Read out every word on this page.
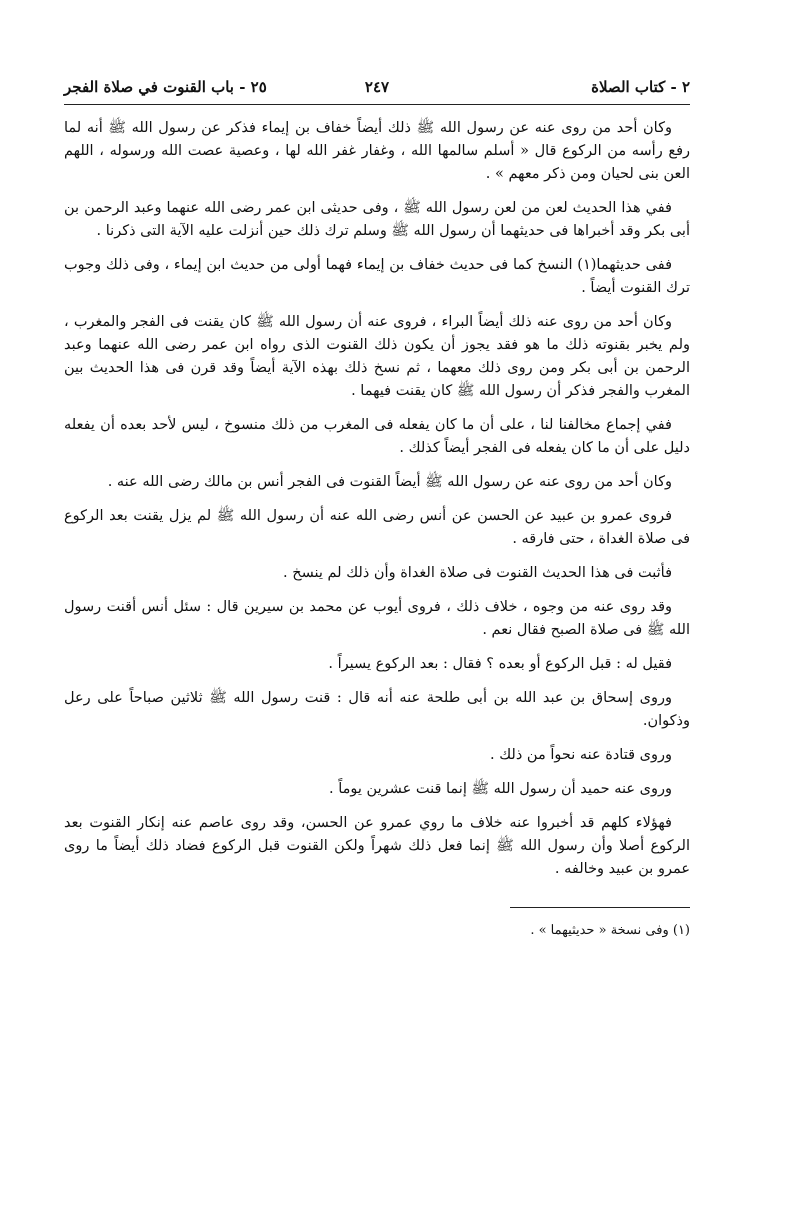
٢ - كتاب الصلاة
٢٤٧
٢٥ - باب القنوت في صلاة الفجر

وكان أحد من روى عنه عن رسول الله ﷺ ذلك أيضاً خفاف بن إيماء فذكر عن رسول الله ﷺ أنه لما رفع رأسه من الركوع قال « أسلم سالمها الله ، وغفار غفر الله لها ، وعصية عصت الله ورسوله ، اللهم العن بنى لحيان ومن ذكر معهم » .

ففي هذا الحديث لعن من لعن رسول الله ﷺ ، وفى حديثى ابن عمر رضى الله عنهما وعبد الرحمن بن أبى بكر وقد أخبراها فى حديثهما أن رسول الله ﷺ وسلم ترك ذلك حين أنزلت عليه الآية التى ذكرنا .

ففى حديثهما(١) النسخ كما فى حديث خفاف بن إيماء فهما أولى من حديث ابن إيماء ، وفى ذلك وجوب ترك القنوت أيضاً .

وكان أحد من روى عنه ذلك أيضاً البراء ، فروى عنه أن رسول الله ﷺ كان يقنت فى الفجر والمغرب ، ولم يخبر بقنوته ذلك ما هو فقد يجوز أن يكون ذلك القنوت الذى رواه ابن عمر رضى الله عنهما وعبد الرحمن بن أبى بكر ومن روى ذلك معهما ، ثم نسخ ذلك بهذه الآية أيضاً وقد قرن فى هذا الحديث بين المغرب والفجر فذكر أن رسول الله ﷺ كان يقنت فيهما .

ففي إجماع مخالفنا لنا ، على أن ما كان يفعله فى المغرب من ذلك منسوخ ، ليس لأحد بعده أن يفعله دليل على أن ما كان يفعله فى الفجر أيضاً كذلك .

وكان أحد من روى عنه عن رسول الله ﷺ أيضاً القنوت فى الفجر أنس بن مالك رضى الله عنه .

فروى عمرو بن عبيد عن الحسن عن أنس رضى الله عنه أن رسول الله ﷺ لم يزل يقنت بعد الركوع فى صلاة الغداة ، حتى فارقه .

فأثبت فى هذا الحديث القنوت فى صلاة الغداة وأن ذلك لم ينسخ .

وقد روى عنه من وجوه ، خلاف ذلك ، فروى أيوب عن محمد بن سيرين قال : سئل أنس أقنت رسول الله ﷺ فى صلاة الصبح فقال نعم .

فقيل له : قبل الركوع أو بعده ؟ فقال : بعد الركوع يسيراً .

وروى إسحاق بن عبد الله بن أبى طلحة عنه أنه قال : قنت رسول الله ﷺ ثلاثين صباحاً على رعل وذكوان.

وروى قتادة عنه نحواً من ذلك .

وروى عنه حميد أن رسول الله ﷺ إنما قنت عشرين يوماً .

فهؤلاء كلهم قد أخبروا عنه خلاف ما روي عمرو عن الحسن، وقد روى عاصم عنه إنكار القنوت بعد الركوع أصلا وأن رسول الله ﷺ إنما فعل ذلك شهراً ولكن القنوت قبل الركوع فضاد ذلك أيضاً ما روى عمرو بن عبيد وخالفه .

(١) وفى نسخة « حديثيهما » .
